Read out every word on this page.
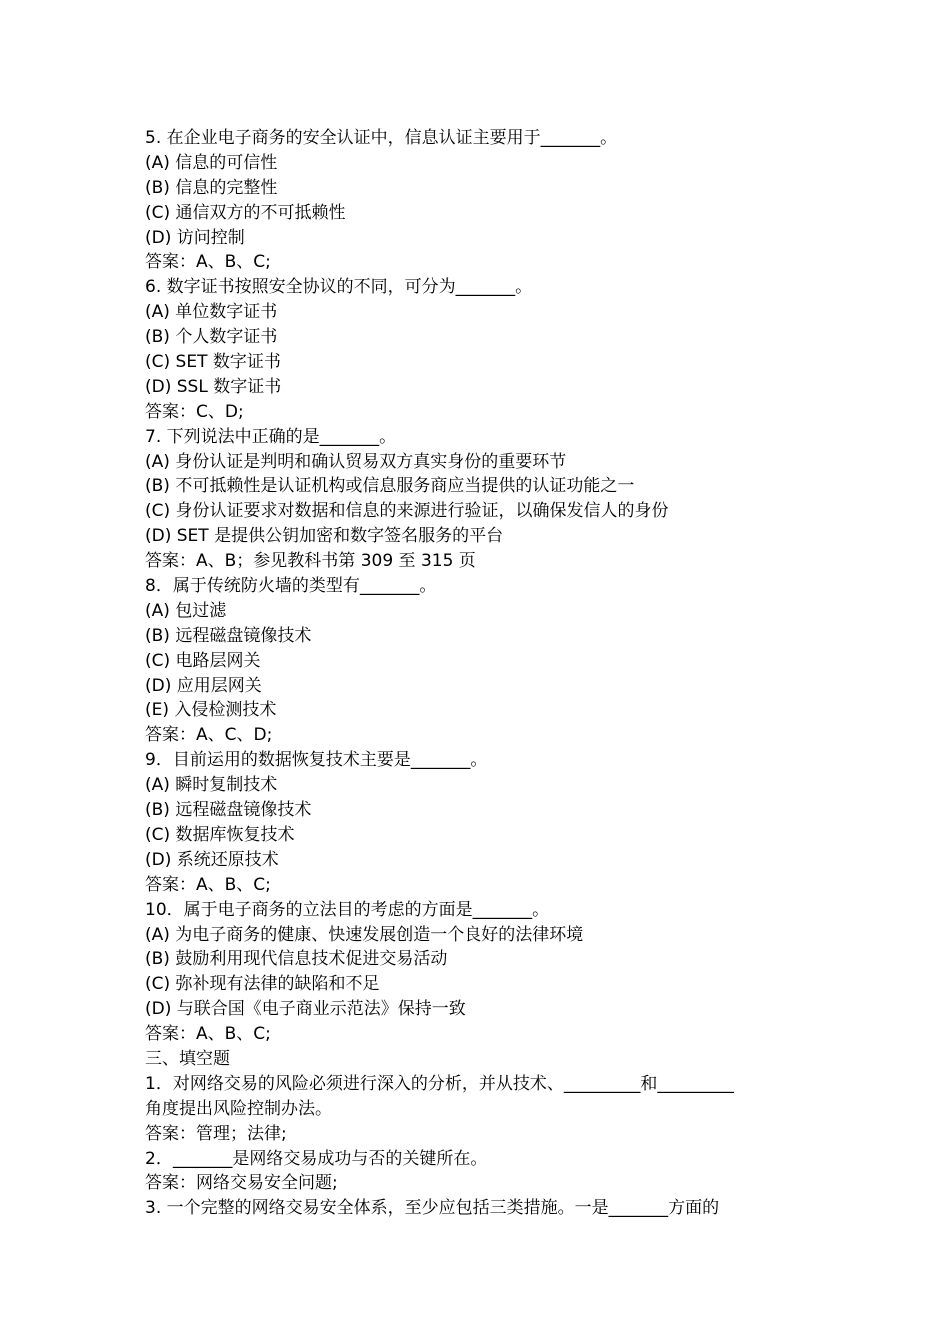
5. 在企业电子商务的安全认证中，信息认证主要用于_______。
(A) 信息的可信性
(B) 信息的完整性
(C) 通信双方的不可抵赖性
(D) 访问控制
答案：A、B、C;
6. 数字证书按照安全协议的不同，可分为_______。
(A) 单位数字证书
(B) 个人数字证书
(C) SET 数字证书
(D) SSL 数字证书
答案：C、D;
7. 下列说法中正确的是_______。
(A) 身份认证是判明和确认贸易双方真实身份的重要环节
(B) 不可抵赖性是认证机构或信息服务商应当提供的认证功能之一
(C) 身份认证要求对数据和信息的来源进行验证，以确保发信人的身份
(D) SET 是提供公钥加密和数字签名服务的平台
答案：A、B；参见教科书第 309 至 315 页
8．属于传统防火墙的类型有_______。
(A) 包过滤
(B) 远程磁盘镜像技术
(C) 电路层网关
(D) 应用层网关
(E) 入侵检测技术
答案：A、C、D;
9．目前运用的数据恢复技术主要是_______。
(A) 瞬时复制技术
(B) 远程磁盘镜像技术
(C) 数据库恢复技术
(D) 系统还原技术
答案：A、B、C;
10．属于电子商务的立法目的考虑的方面是_______。
(A) 为电子商务的健康、快速发展创造一个良好的法律环境
(B) 鼓励利用现代信息技术促进交易活动
(C) 弥补现有法律的缺陷和不足
(D) 与联合国《电子商业示范法》保持一致
答案：A、B、C;
三、填空题
1．对网络交易的风险必须进行深入的分析，并从技术、_________和_________
角度提出风险控制办法。
答案：管理；法律;
2．_______是网络交易成功与否的关键所在。
答案：网络交易安全问题;
3. 一个完整的网络交易安全体系，至少应包括三类措施。一是_______方面的
